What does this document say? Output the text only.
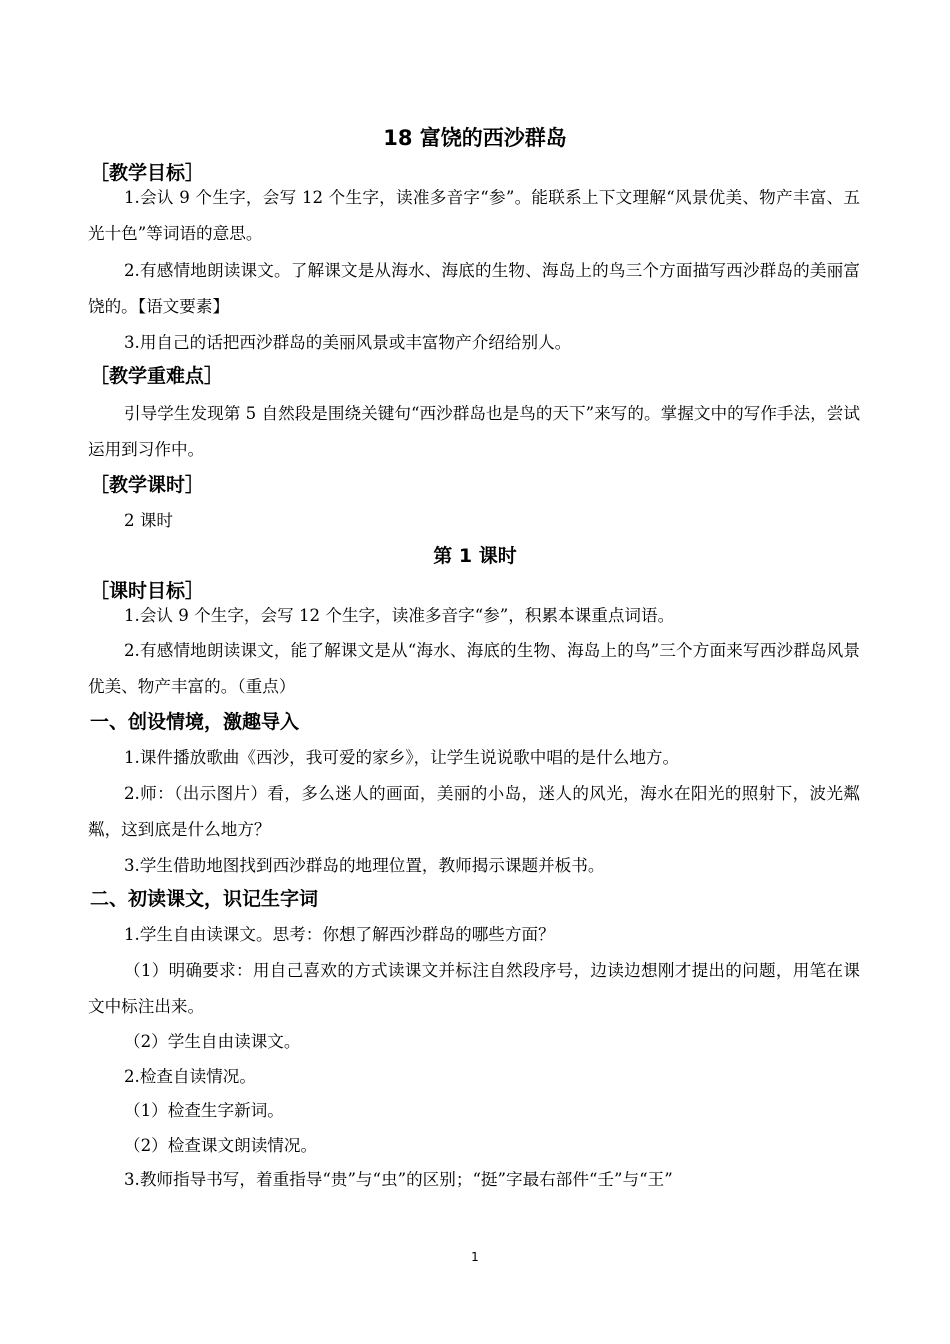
18 富饶的西沙群岛
［教学目标］

1.会认 9 个生字，会写 12 个生字，读准多音字“参”。能联系上下文理解“风景优美、物产丰富、五光十色”等词语的意思。

2.有感情地朗读课文。了解课文是从海水、海底的生物、海岛上的鸟三个方面描写西沙群岛的美丽富饶的。【语文要素】

3.用自己的话把西沙群岛的美丽风景或丰富物产介绍给别人。

［教学重难点］

引导学生发现第 5 自然段是围绕关键句“西沙群岛也是鸟的天下”来写的。掌握文中的写作手法，尝试运用到习作中。

［教学课时］

2 课时

第 1 课时
［课时目标］

1.会认 9 个生字，会写 12 个生字，读准多音字“参”，积累本课重点词语。

2.有感情地朗读课文，能了解课文是从“海水、海底的生物、海岛上的鸟”三个方面来写西沙群岛风景优美、物产丰富的。（重点）

一、创设情境，激趣导入

1.课件播放歌曲《西沙，我可爱的家乡》，让学生说说歌中唱的是什么地方。

2.师：（出示图片）看，多么迷人的画面，美丽的小岛，迷人的风光，海水在阳光的照射下，波光粼粼，这到底是什么地方？

3.学生借助地图找到西沙群岛的地理位置，教师揭示课题并板书。

二、初读课文，识记生字词

1.学生自由读课文。思考：你想了解西沙群岛的哪些方面？

（1）明确要求：用自己喜欢的方式读课文并标注自然段序号，边读边想刚才提出的问题，用笔在课文中标注出来。

（2）学生自由读课文。

2.检查自读情况。

（1）检查生字新词。

（2）检查课文朗读情况。

3.教师指导书写，着重指导“贵”与“虫”的区别；“挺”字最右部件“壬”与“王”

1
